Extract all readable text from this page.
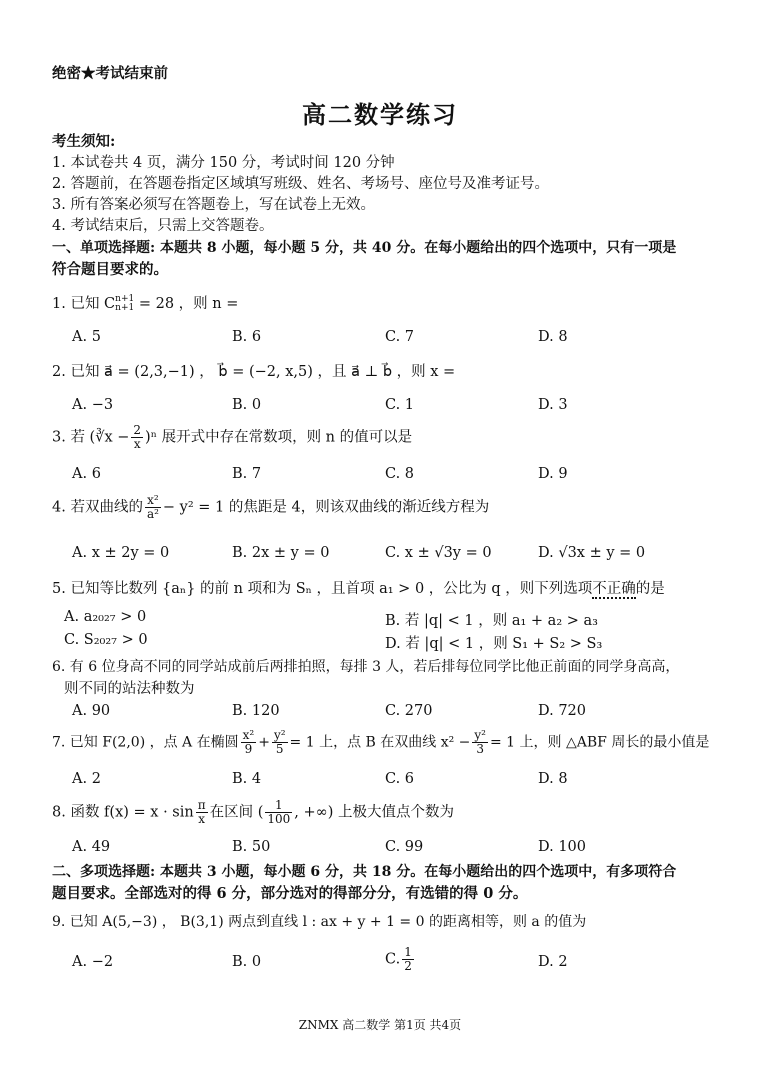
绝密★考试结束前
高二数学练习
考生须知:
1. 本试卷共 4 页，满分 150 分，考试时间 120 分钟
2. 答题前，在答题卷指定区域填写班级、姓名、考场号、座位号及准考证号。
3. 所有答案必须写在答题卷上，写在试卷上无效。
4. 考试结束后，只需上交答题卷。
一、单项选择题: 本题共 8 小题，每小题 5 分，共 40 分。在每小题给出的四个选项中，只有一项是
符合题目要求的。
1. 已知 C n+1
n+1 = 28 ，则 n =
A. 5	B. 6	C. 7	D. 8
2. 已知 a⃗ = (2,3,−1) ， b⃗ = (−2, x,5) ，且 a⃗ ⊥ b⃗ ，则 x =
A. −3	B. 0	C. 1	D. 3
3. 若 (∛x − $\frac{2}{x} )^n$ 展开式中存在常数项，则 n 的值可以是
A. 6	B. 7	C. 8	D. 9
4. 若双曲线的 $\frac{\text{x²}}{\text{a²}} - y^2 = 1$ 的焦距是 4，则该双曲线的渐近线方程为
A. x ± 2y = 0	B. 2x ± y = 0	C. x ± √3y = 0	D. √3x ± y = 0
5. 已知等比数列 {aₙ} 的前 n 项和为 Sₙ ，且首项 a₁ > 0 ，公比为 q ，则下列选项不正确的是
A. a₂₀₂₇ > 0	B. 若 |q| < 1 ，则 a₁ + a₂ > a₃
C. S₂₀₂₇ > 0	D. 若 |q| < 1 ，则 S₁ + S₂ > S₃
6. 有 6 位身高不同的同学站成前后两排拍照，每排 3 人，若后排每位同学比他正前面的同学身高高，
则不同的站法种数为
A. 90	B. 120	C. 270	D. 720
7. 已知 F(2,0) ，点 A 在椭圆 $\frac{\text{x²}}{9} + \frac{\text{y²}}{5} = 1$ 上，点 B 在双曲线 $x^2 - \frac{\text{y²}}{3} = 1$ 上，则 △ABF 周长的最小值是
A. 2	B. 4	C. 6	D. 8
8. 函数 $f(x) = x \cdot \sin \frac{\pi}{x}$ 在区间 ( $\frac{1}{100}$ , +∞) 上极大值点个数为
A. 49	B. 50	C. 99	D. 100
二、多项选择题: 本题共 3 小题，每小题 6 分，共 18 分。在每小题给出的四个选项中，有多项符合
题目要求。全部选对的得 6 分，部分选对的得部分分，有选错的得 0 分。
9. 已知 A(5,−3) ， B(3,1) 两点到直线 l : ax + y + 1 = 0 的距离相等，则 a 的值为
A. −2	B. 0	C. $\frac{1}{2}$	D. 2
ZNMX 高二数学 第1页 共4页
